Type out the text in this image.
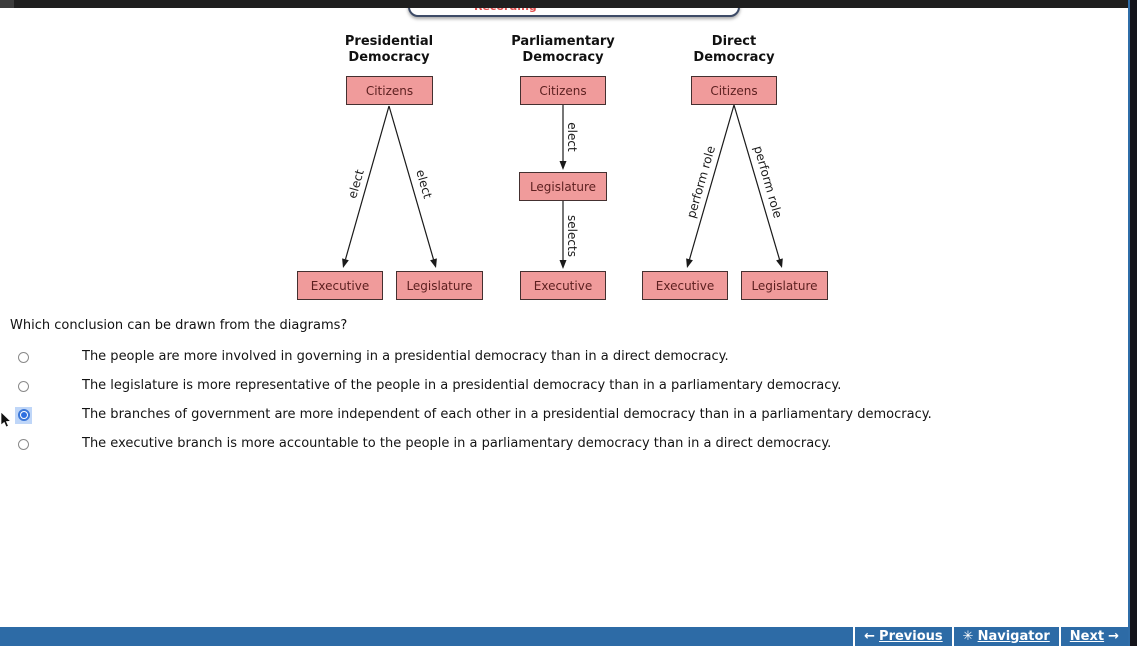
Presidential
Democracy
Citizens
Executive	Legislature
elect	elect
Parliamentary
Democracy
Citizens
Legislature
Executive
elect
selects
Direct
Democracy
Citizens
Executive	Legislature
perform role	perform role
Which conclusion can be drawn from the diagrams?
The people are more involved in governing in a presidential democracy than in a direct democracy.
The legislature is more representative of the people in a presidential democracy than in a parliamentary democracy.
The branches of government are more independent of each other in a presidential democracy than in a parliamentary democracy.
The executive branch is more accountable to the people in a parliamentary democracy than in a direct democracy.
← Previous ✳ Navigator Next →
